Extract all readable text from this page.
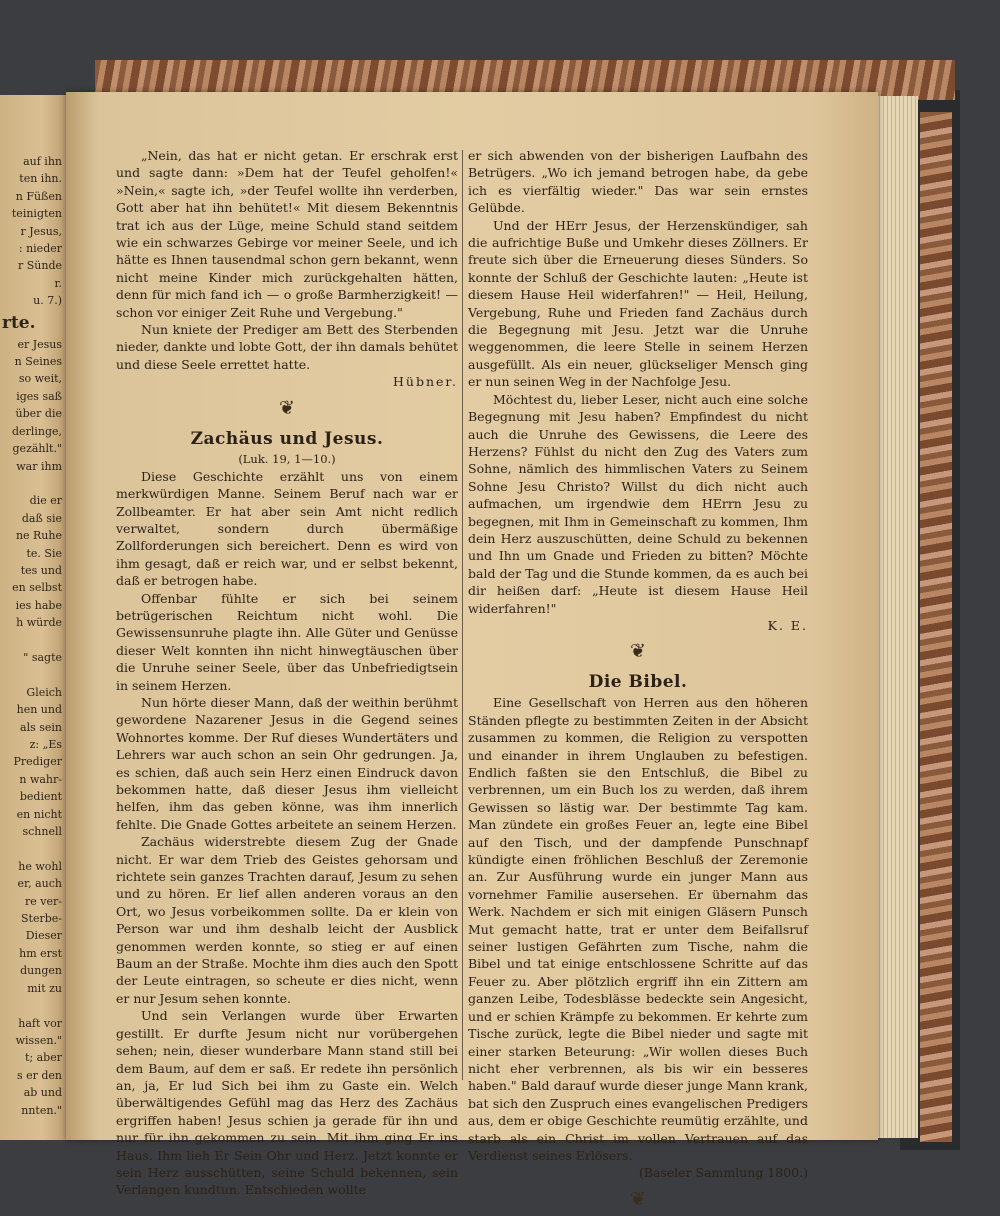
auf ihn
ten ihn.
n Füßen
teinigten
r Jesus,
: nieder
r Sünde
r.
u. 7.)
rte.
er Jesus
n Seines
so weit,
iges saß
über die
derlinge,
gezählt."
war ihm

die er
daß sie
ne Ruhe
te. Sie
tes und
en selbst
ies habe
h würde

" sagte

Gleich
hen und
als sein
z: „Es
Prediger
n wahr-
bedient
en nicht
schnell

he wohl
er, auch
re ver-
Sterbe-
Dieser
hm erst
dungen
mit zu

haft vor
wissen."
t; aber
s er den
ab und
nnten."

„Nein, das hat er nicht getan. Er erschrak erst und sagte dann: »Dem hat der Teufel geholfen!« »Nein,« sagte ich, »der Teufel wollte ihn verderben, Gott aber hat ihn behütet!« Mit diesem Bekenntnis trat ich aus der Lüge, meine Schuld stand seitdem wie ein schwarzes Gebirge vor meiner Seele, und ich hätte es Ihnen tausendmal schon gern bekannt, wenn nicht meine Kinder mich zurückgehalten hätten, denn für mich fand ich — o große Barmherzigkeit! — schon vor einiger Zeit Ruhe und Vergebung."

Nun kniete der Prediger am Bett des Sterbenden nieder, dankte und lobte Gott, der ihn damals behütet und diese Seele errettet hatte.

Hübner.
❦
Zachäus und Jesus.
(Luk. 19, 1—10.)

Diese Geschichte erzählt uns von einem merkwürdigen Manne. Seinem Beruf nach war er Zollbeamter. Er hat aber sein Amt nicht redlich verwaltet, sondern durch übermäßige Zollforderungen sich bereichert. Denn es wird von ihm gesagt, daß er reich war, und er selbst bekennt, daß er betrogen habe.

Offenbar fühlte er sich bei seinem betrügerischen Reichtum nicht wohl. Die Gewissensunruhe plagte ihn. Alle Güter und Genüsse dieser Welt konnten ihn nicht hinwegtäuschen über die Unruhe seiner Seele, über das Unbefriedigtsein in seinem Herzen.

Nun hörte dieser Mann, daß der weithin berühmt gewordene Nazarener Jesus in die Gegend seines Wohnortes komme. Der Ruf dieses Wundertäters und Lehrers war auch schon an sein Ohr gedrungen. Ja, es schien, daß auch sein Herz einen Eindruck davon bekommen hatte, daß dieser Jesus ihm vielleicht helfen, ihm das geben könne, was ihm innerlich fehlte. Die Gnade Gottes arbeitete an seinem Herzen.

Zachäus widerstrebte diesem Zug der Gnade nicht. Er war dem Trieb des Geistes gehorsam und richtete sein ganzes Trachten darauf, Jesum zu sehen und zu hören. Er lief allen anderen voraus an den Ort, wo Jesus vorbeikommen sollte. Da er klein von Person war und ihm deshalb leicht der Ausblick genommen werden konnte, so stieg er auf einen Baum an der Straße. Mochte ihm dies auch den Spott der Leute eintragen, so scheute er dies nicht, wenn er nur Jesum sehen konnte.

Und sein Verlangen wurde über Erwarten gestillt. Er durfte Jesum nicht nur vorübergehen sehen; nein, dieser wunderbare Mann stand still bei dem Baum, auf dem er saß. Er redete ihn persönlich an, ja, Er lud Sich bei ihm zu Gaste ein. Welch überwältigendes Gefühl mag das Herz des Zachäus ergriffen haben! Jesus schien ja gerade für ihn und nur für ihn gekommen zu sein. Mit ihm ging Er ins Haus. Ihm lieh Er Sein Ohr und Herz. Jetzt konnte er sein Herz ausschütten, seine Schuld bekennen, sein Verlangen kundtun. Entschieden wollte

er sich abwenden von der bisherigen Laufbahn des Betrügers. „Wo ich jemand betrogen habe, da gebe ich es vierfältig wieder." Das war sein ernstes Gelübde.

Und der HErr Jesus, der Herzenskündiger, sah die aufrichtige Buße und Umkehr dieses Zöllners. Er freute sich über die Erneuerung dieses Sünders. So konnte der Schluß der Geschichte lauten: „Heute ist diesem Hause Heil widerfahren!" — Heil, Heilung, Vergebung, Ruhe und Frieden fand Zachäus durch die Begegnung mit Jesu. Jetzt war die Unruhe weggenommen, die leere Stelle in seinem Herzen ausgefüllt. Als ein neuer, glückseliger Mensch ging er nun seinen Weg in der Nachfolge Jesu.

Möchtest du, lieber Leser, nicht auch eine solche Begegnung mit Jesu haben? Empfindest du nicht auch die Unruhe des Gewissens, die Leere des Herzens? Fühlst du nicht den Zug des Vaters zum Sohne, nämlich des himmlischen Vaters zu Seinem Sohne Jesu Christo? Willst du dich nicht auch aufmachen, um irgendwie dem HErrn Jesu zu begegnen, mit Ihm in Gemeinschaft zu kommen, Ihm dein Herz auszuschütten, deine Schuld zu bekennen und Ihn um Gnade und Frieden zu bitten? Möchte bald der Tag und die Stunde kommen, da es auch bei dir heißen darf: „Heute ist diesem Hause Heil widerfahren!"

K. E.
❦
Die Bibel.

Eine Gesellschaft von Herren aus den höheren Ständen pflegte zu bestimmten Zeiten in der Absicht zusammen zu kommen, die Religion zu verspotten und einander in ihrem Unglauben zu befestigen. Endlich faßten sie den Entschluß, die Bibel zu verbrennen, um ein Buch los zu werden, daß ihrem Gewissen so lästig war. Der bestimmte Tag kam. Man zündete ein großes Feuer an, legte eine Bibel auf den Tisch, und der dampfende Punschnapf kündigte einen fröhlichen Beschluß der Zeremonie an. Zur Ausführung wurde ein junger Mann aus vornehmer Familie ausersehen. Er übernahm das Werk. Nachdem er sich mit einigen Gläsern Punsch Mut gemacht hatte, trat er unter dem Beifallsruf seiner lustigen Gefährten zum Tische, nahm die Bibel und tat einige entschlossene Schritte auf das Feuer zu. Aber plötzlich ergriff ihn ein Zittern am ganzen Leibe, Todesblässe bedeckte sein Angesicht, und er schien Krämpfe zu bekommen. Er kehrte zum Tische zurück, legte die Bibel nieder und sagte mit einer starken Beteurung: „Wir wollen dieses Buch nicht eher verbrennen, als bis wir ein besseres haben." Bald darauf wurde dieser junge Mann krank, bat sich den Zuspruch eines evangelischen Predigers aus, dem er obige Geschichte reumütig erzählte, und starb als ein Christ im vollen Vertrauen auf das Verdienst seines Erlösers.

(Baseler Sammlung 1800.)
❦
